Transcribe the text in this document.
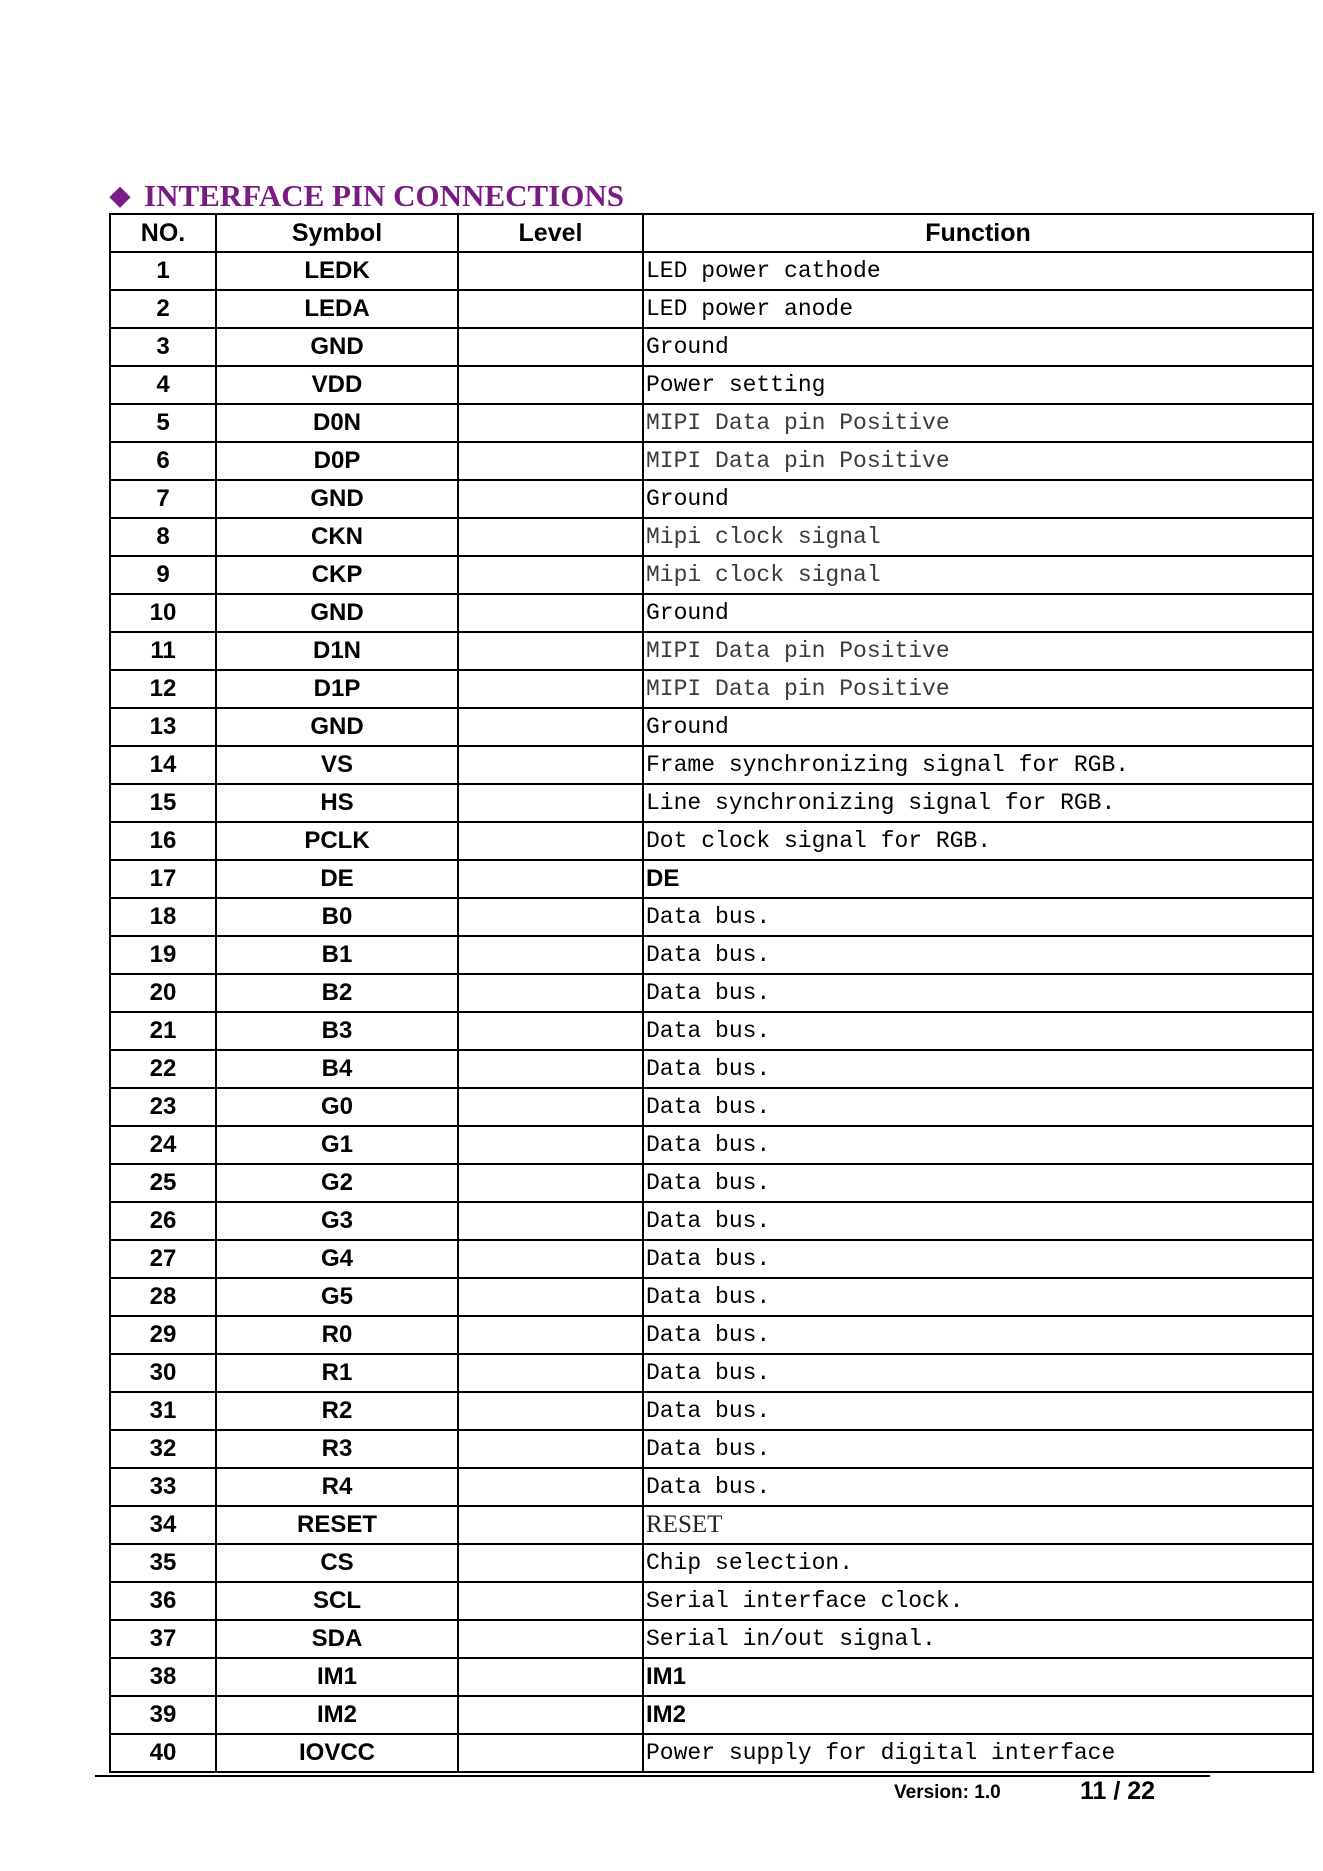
◆ INTERFACE PIN CONNECTIONS
NO.	Symbol	Level	Function
1	LEDK		LED power cathode
2	LEDA		LED power anode
3	GND		Ground
4	VDD		Power setting
5	D0N		MIPI Data pin Positive
6	D0P		MIPI Data pin Positive
7	GND		Ground
8	CKN		Mipi clock signal
9	CKP		Mipi clock signal
10	GND		Ground
11	D1N		MIPI Data pin Positive
12	D1P		MIPI Data pin Positive
13	GND		Ground
14	VS		Frame synchronizing signal for RGB.
15	HS		Line synchronizing signal for RGB.
16	PCLK		Dot clock signal for RGB.
17	DE		DE
18	B0		Data bus.
19	B1		Data bus.
20	B2		Data bus.
21	B3		Data bus.
22	B4		Data bus.
23	G0		Data bus.
24	G1		Data bus.
25	G2		Data bus.
26	G3		Data bus.
27	G4		Data bus.
28	G5		Data bus.
29	R0		Data bus.
30	R1		Data bus.
31	R2		Data bus.
32	R3		Data bus.
33	R4		Data bus.
34	RESET		RESET
35	CS		Chip selection.
36	SCL		Serial interface clock.
37	SDA		Serial in/out signal.
38	IM1		IM1
39	IM2		IM2
40	IOVCC		Power supply for digital interface
Version: 1.0	11 / 22
